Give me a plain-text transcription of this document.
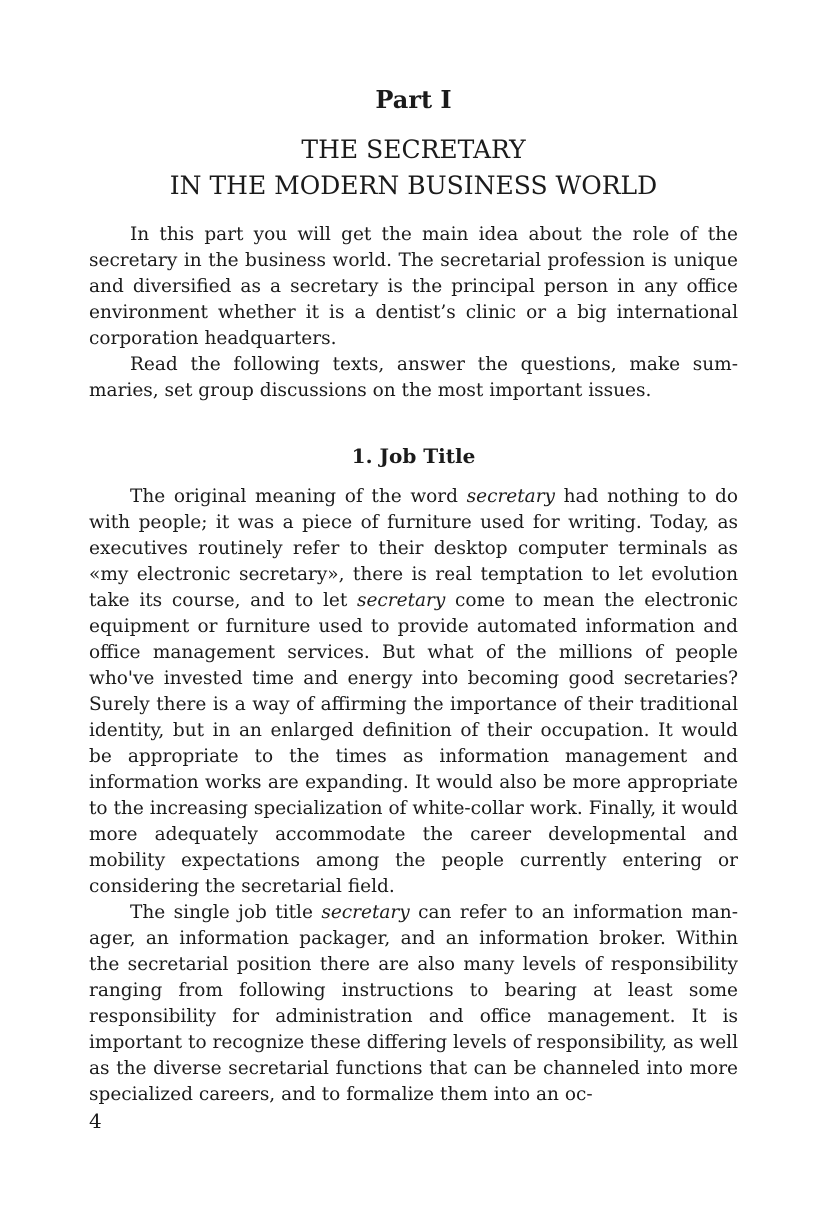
Part I
THE SECRETARY
IN THE MODERN BUSINESS WORLD

In this part you will get the main idea about the role of the secretary in the business world. The secretarial profession is unique and diversified as a secretary is the principal person in any office environment whether it is a dentist’s clinic or a big international corporation headquarters.

Read the following texts, answer the questions, make summaries, set group discussions on the most important issues.

1. Job Title

The original meaning of the word secretary had nothing to do with people; it was a piece of furniture used for writing. Today, as executives routinely refer to their desktop computer terminals as «my electronic secretary», there is real temptation to let evolution take its course, and to let secretary come to mean the electronic equipment or furniture used to provide automated information and office management services. But what of the millions of people who've invested time and energy into becoming good secretaries? Surely there is a way of affirming the importance of their traditional identity, but in an enlarged definition of their occupation. It would be appropriate to the times as information management and information works are expanding. It would also be more appropriate to the increasing specialization of white-collar work. Finally, it would more adequately accommodate the career developmental and mobility expectations among the people currently entering or considering the secretarial field.

The single job title secretary can refer to an information manager, an information packager, and an information broker. Within the secretarial position there are also many levels of responsibility ranging from following instructions to bearing at least some responsibility for administration and office management. It is important to recognize these differing levels of responsibility, as well as the diverse secretarial functions that can be channeled into more specialized careers, and to formalize them into an oc-

4
